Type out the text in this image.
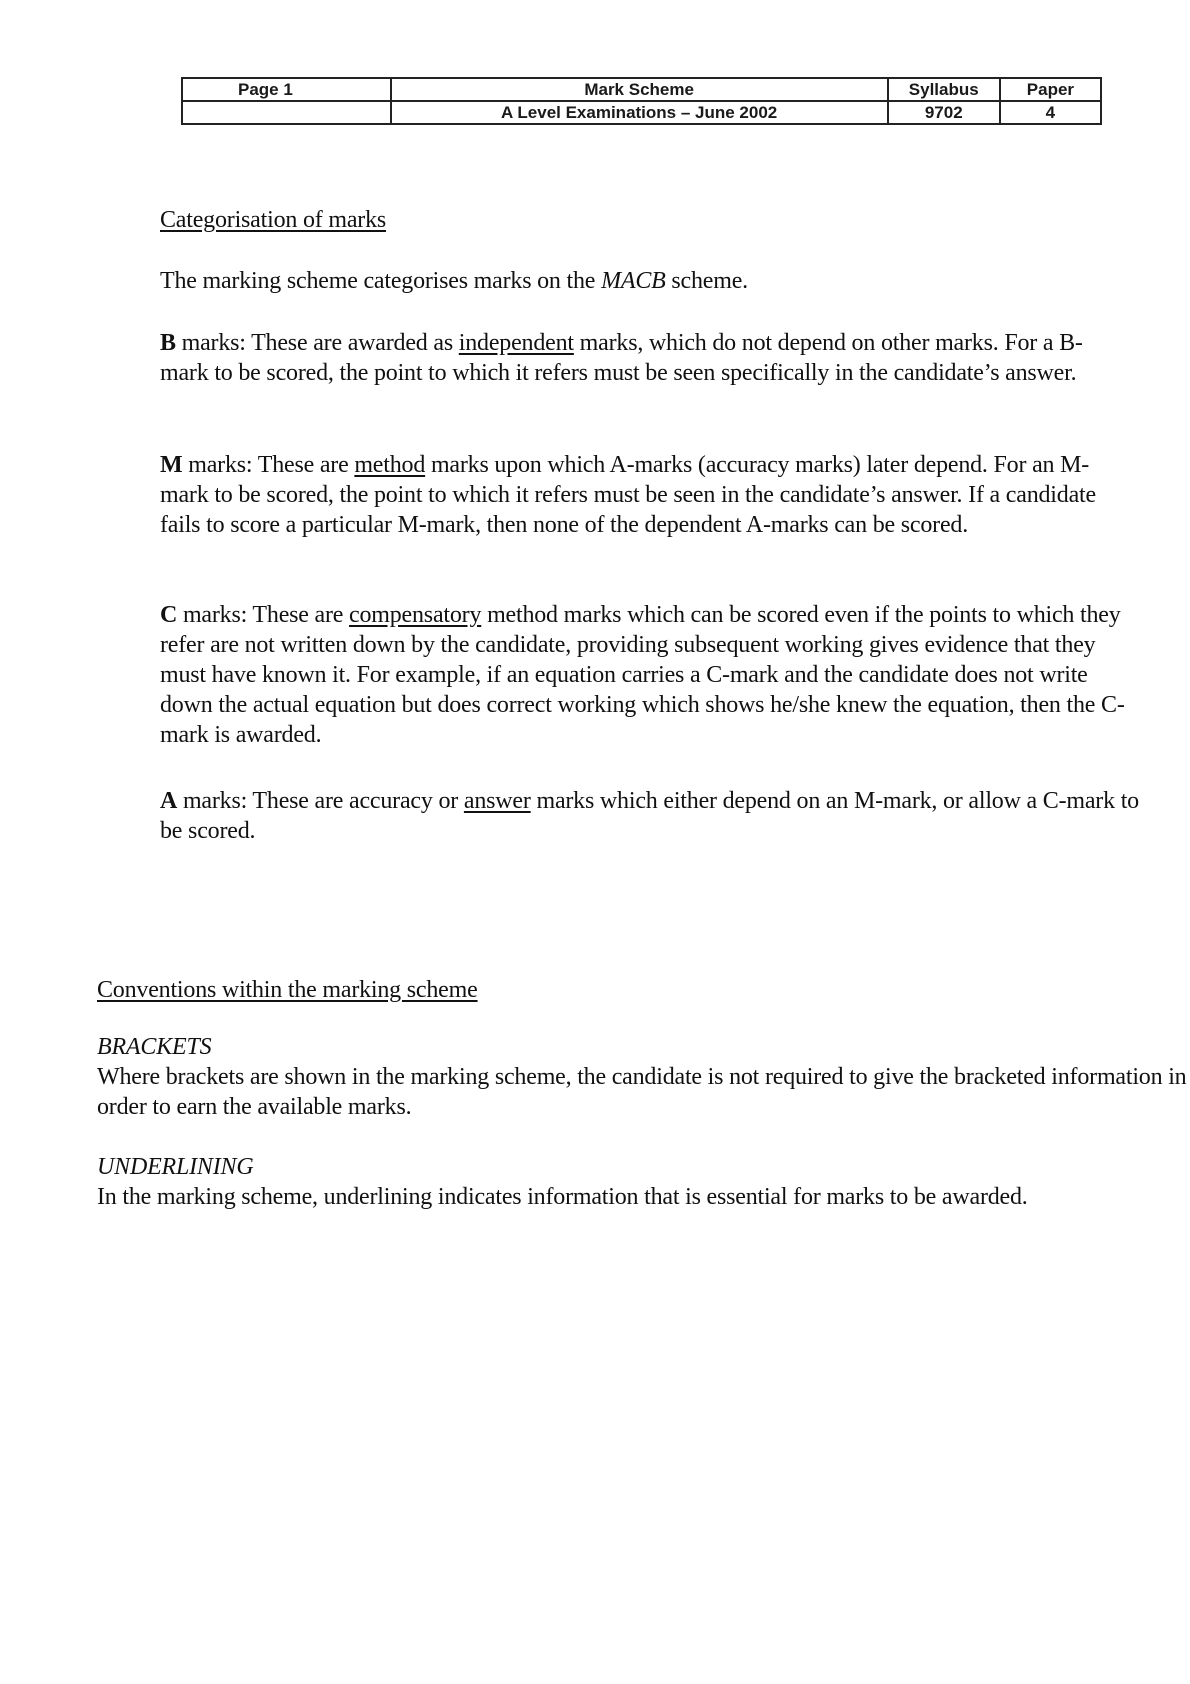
Page 1	Mark Scheme	Syllabus	Paper
	A Level Examinations – June 2002	9702	4
Categorisation of marks
The marking scheme categorises marks on the MACB scheme.
B marks: These are awarded as independent marks, which do not depend on other marks. For a B-mark to be scored, the point to which it refers must be seen specifically in the candidate’s answer.
M marks: These are method marks upon which A-marks (accuracy marks) later depend. For an M-mark to be scored, the point to which it refers must be seen in the candidate’s answer. If a candidate fails to score a particular M-mark, then none of the dependent A-marks can be scored.
C marks: These are compensatory method marks which can be scored even if the points to which they refer are not written down by the candidate, providing subsequent working gives evidence that they must have known it. For example, if an equation carries a C-mark and the candidate does not write down the actual equation but does correct working which shows he/she knew the equation, then the C-mark is awarded.
A marks: These are accuracy or answer marks which either depend on an M-mark, or allow a C-mark to be scored.
Conventions within the marking scheme
BRACKETS
Where brackets are shown in the marking scheme, the candidate is not required to give the bracketed information in order to earn the available marks.
UNDERLINING
In the marking scheme, underlining indicates information that is essential for marks to be awarded.
